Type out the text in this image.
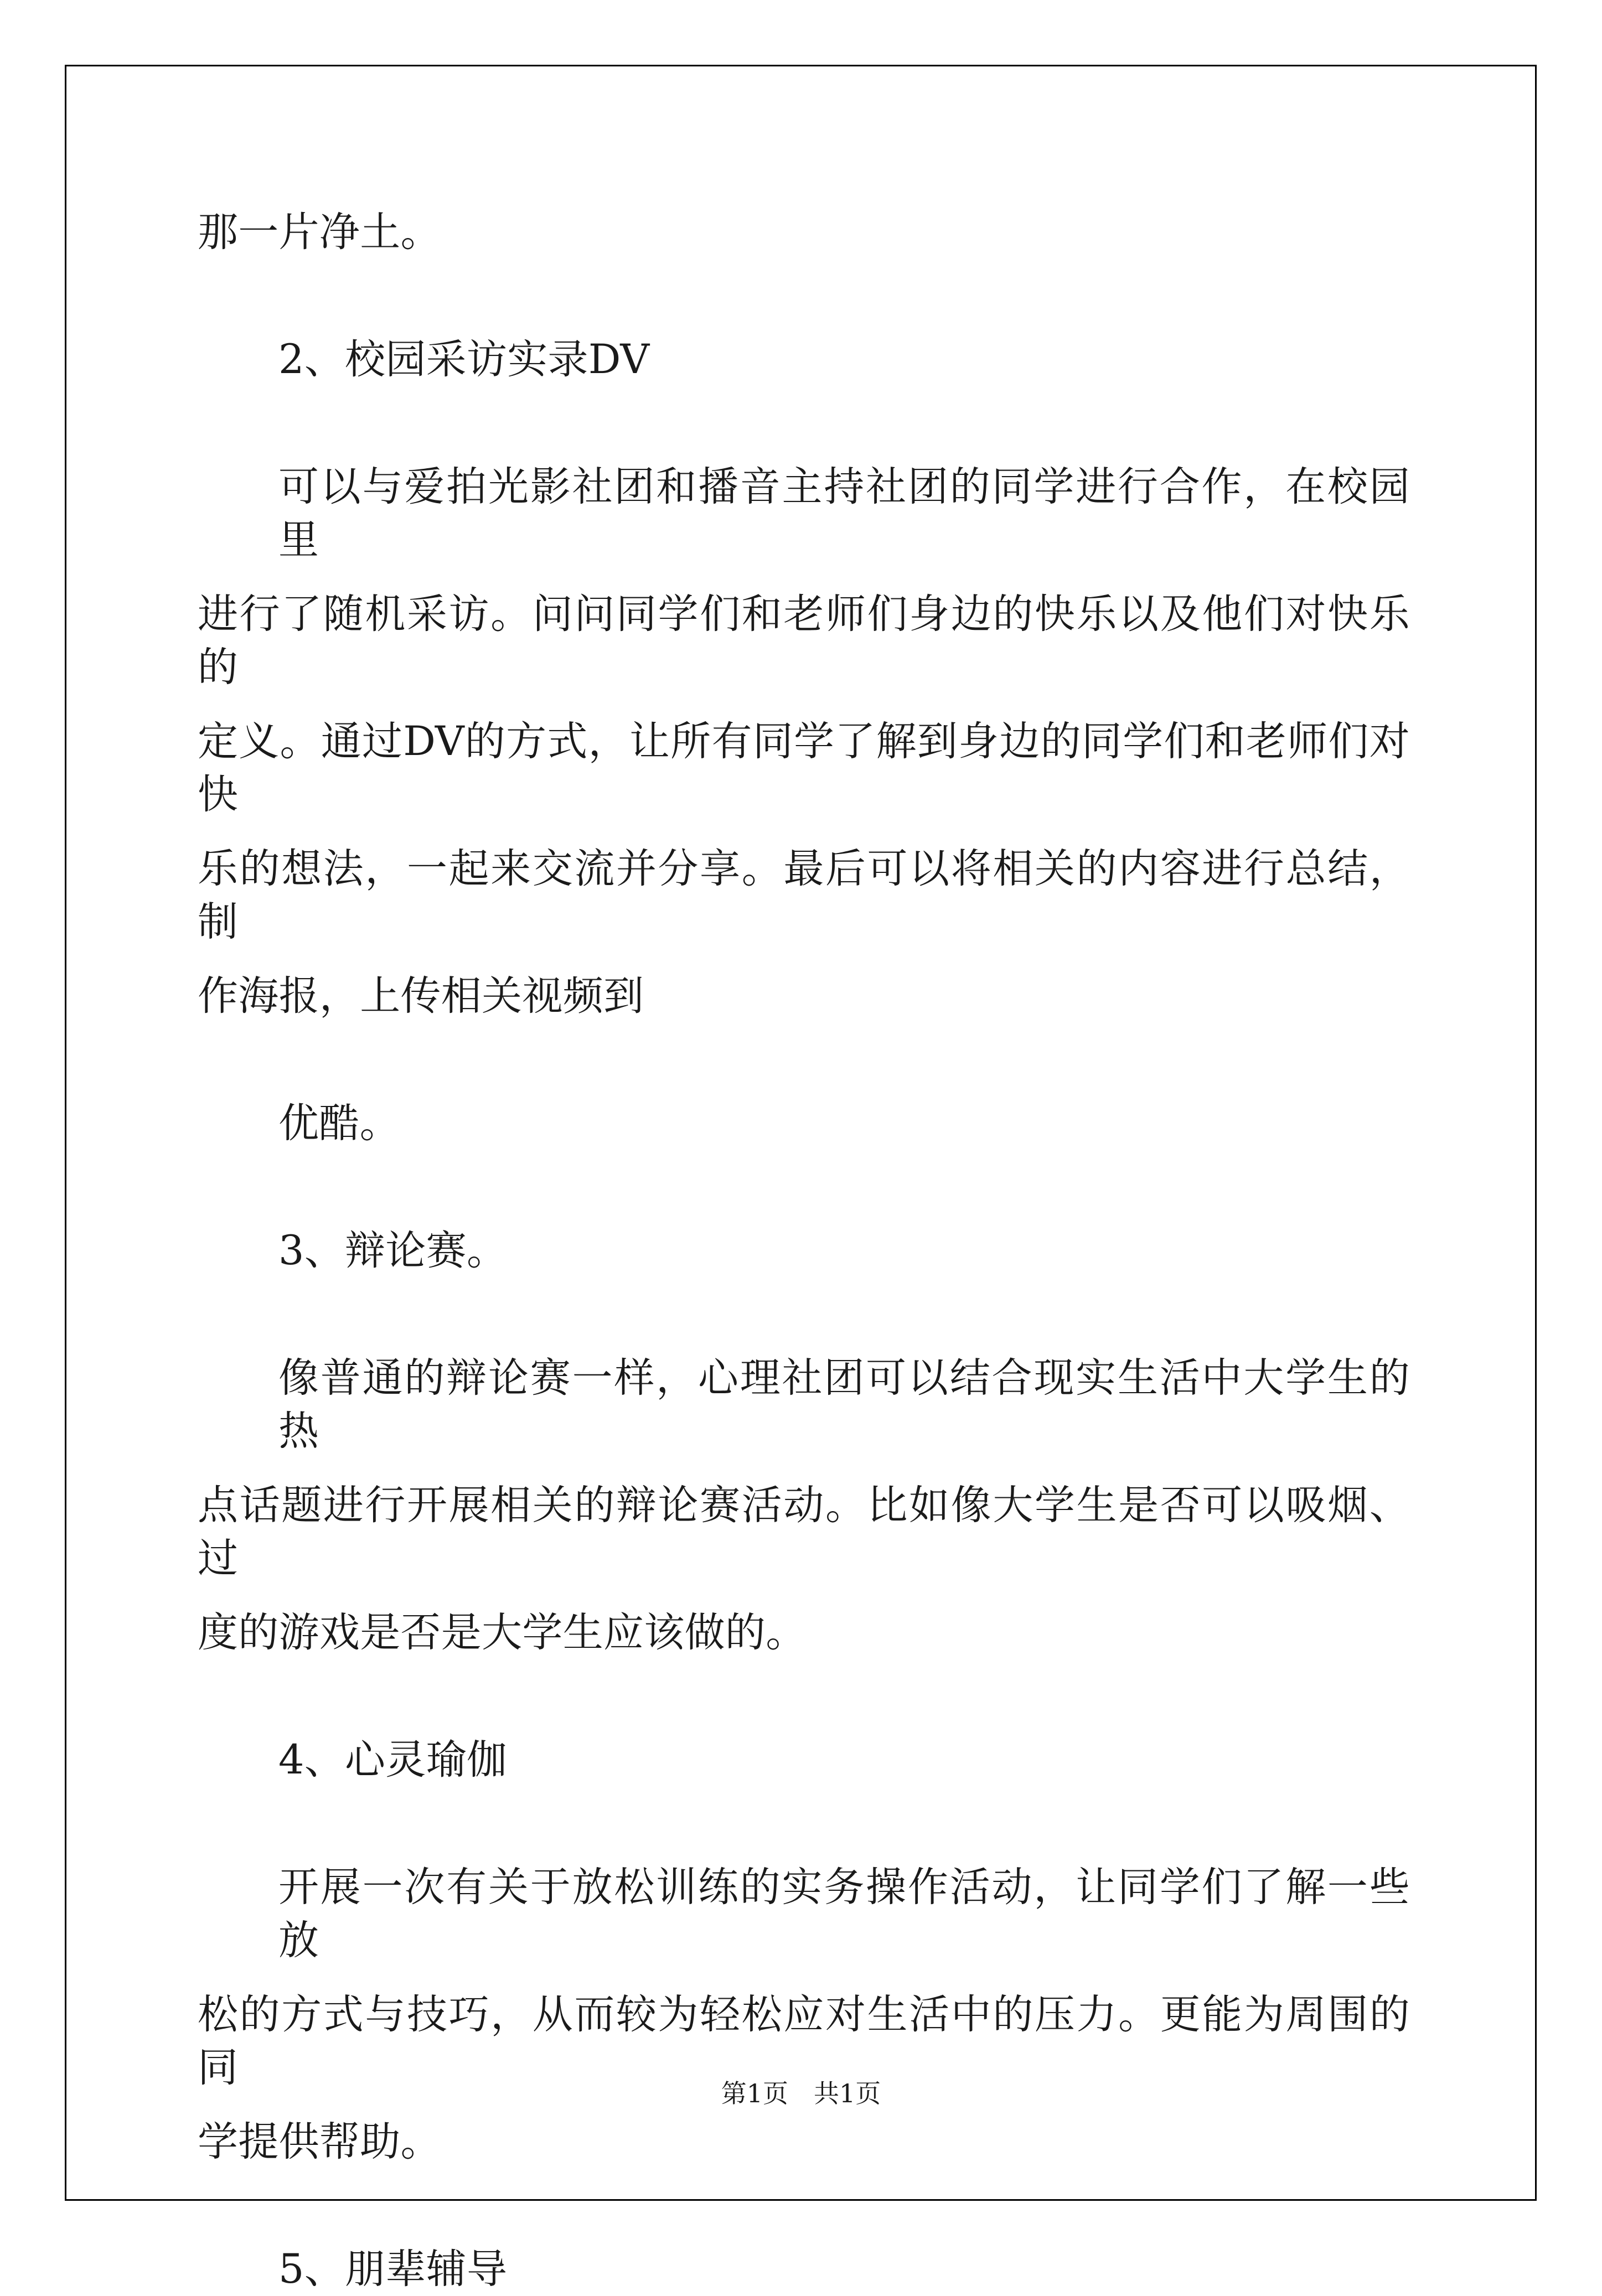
那一片净土。
2、校园采访实录DV
可以与爱拍光影社团和播音主持社团的同学进行合作，在校园里
进行了随机采访。问问同学们和老师们身边的快乐以及他们对快乐的
定义。通过DV的方式，让所有同学了解到身边的同学们和老师们对快
乐的想法，一起来交流并分享。最后可以将相关的内容进行总结，制
作海报，上传相关视频到
优酷。
3、辩论赛。
像普通的辩论赛一样，心理社团可以结合现实生活中大学生的热
点话题进行开展相关的辩论赛活动。比如像大学生是否可以吸烟、过
度的游戏是否是大学生应该做的。
4、心灵瑜伽
开展一次有关于放松训练的实务操作活动，让同学们了解一些放
松的方式与技巧，从而较为轻松应对生活中的压力。更能为周围的同
学提供帮助。
5、朋辈辅导
第1页　共1页
